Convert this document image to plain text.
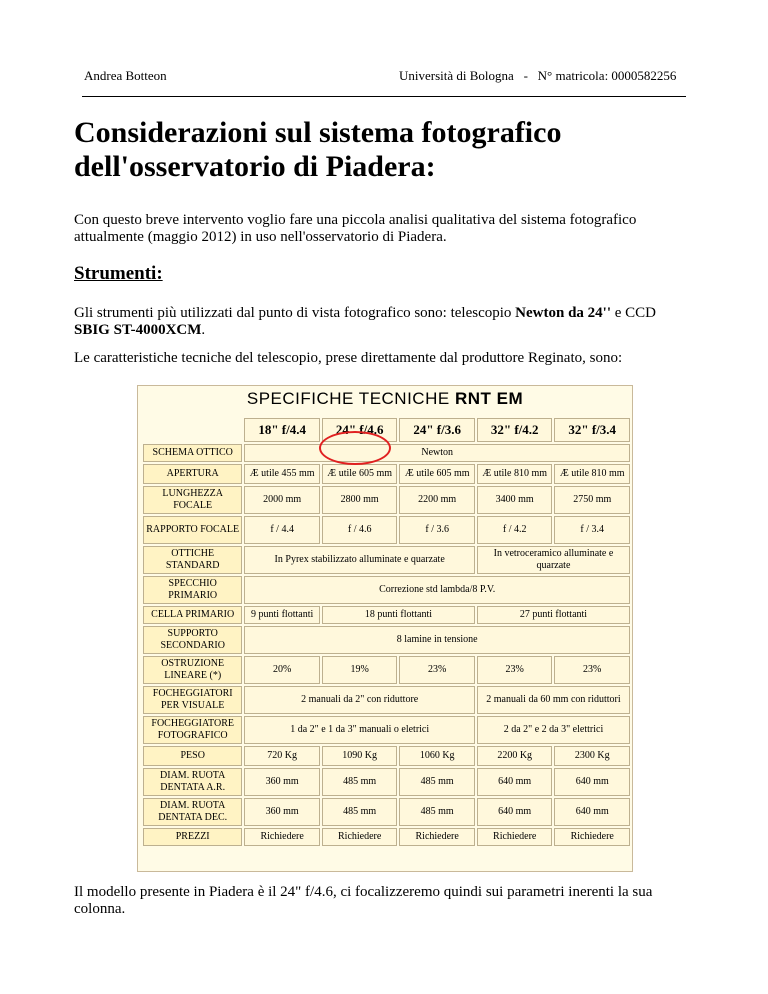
Andrea Botteon	Università di Bologna   -   N° matricola: 0000582256
Considerazioni sul sistema fotografico dell'osservatorio di Piadera:

Con questo breve intervento voglio fare una piccola analisi qualitativa del sistema fotografico attualmente (maggio 2012) in uso nell'osservatorio di Piadera.

Strumenti:

Gli strumenti più utilizzati dal punto di vista fotografico sono: telescopio Newton da 24'' e CCD SBIG ST-4000XCM.

Le caratteristiche tecniche del telescopio, prese direttamente dal produttore Reginato, sono:

SPECIFICHE TECNICHE RNT EM
	18" f/4.4	24" f/4.6	24" f/3.6	32" f/4.2	32" f/3.4
SCHEMA OTTICO	Newton				
APERTURA	Æ utile 455 mm	Æ utile 605 mm	Æ utile 605 mm	Æ utile 810 mm	Æ utile 810 mm
LUNGHEZZA FOCALE	2000 mm	2800 mm	2200 mm	3400 mm	2750 mm
RAPPORTO FOCALE	f / 4.4	f / 4.6	f / 3.6	f / 4.2	f / 3.4
OTTICHE STANDARD	In Pyrex stabilizzato alluminate e quarzate			In vetroceramico alluminate e quarzate	
SPECCHIO PRIMARIO	Correzione std lambda/8 P.V.				
CELLA PRIMARIO	9 punti flottanti	18 punti flottanti		27 punti flottanti	
SUPPORTO SECONDARIO	8 lamine in tensione				
OSTRUZIONE LINEARE (*)	20%	19%	23%	23%	23%
FOCHEGGIATORI PER VISUALE	2 manuali da 2" con riduttore			2 manuali da 60 mm con riduttori	
FOCHEGGIATORE FOTOGRAFICO	1 da 2" e 1 da 3" manuali o eletrici			2 da 2" e 2 da 3" elettrici	
PESO	720 Kg	1090 Kg	1060 Kg	2200 Kg	2300 Kg
DIAM. RUOTA DENTATA A.R.	360 mm	485 mm	485 mm	640 mm	640 mm
DIAM. RUOTA DENTATA DEC.	360 mm	485 mm	485 mm	640 mm	640 mm
PREZZI	Richiedere	Richiedere	Richiedere	Richiedere	Richiedere

Il modello presente in Piadera è il 24" f/4.6, ci focalizzeremo quindi sui parametri inerenti la sua colonna.
